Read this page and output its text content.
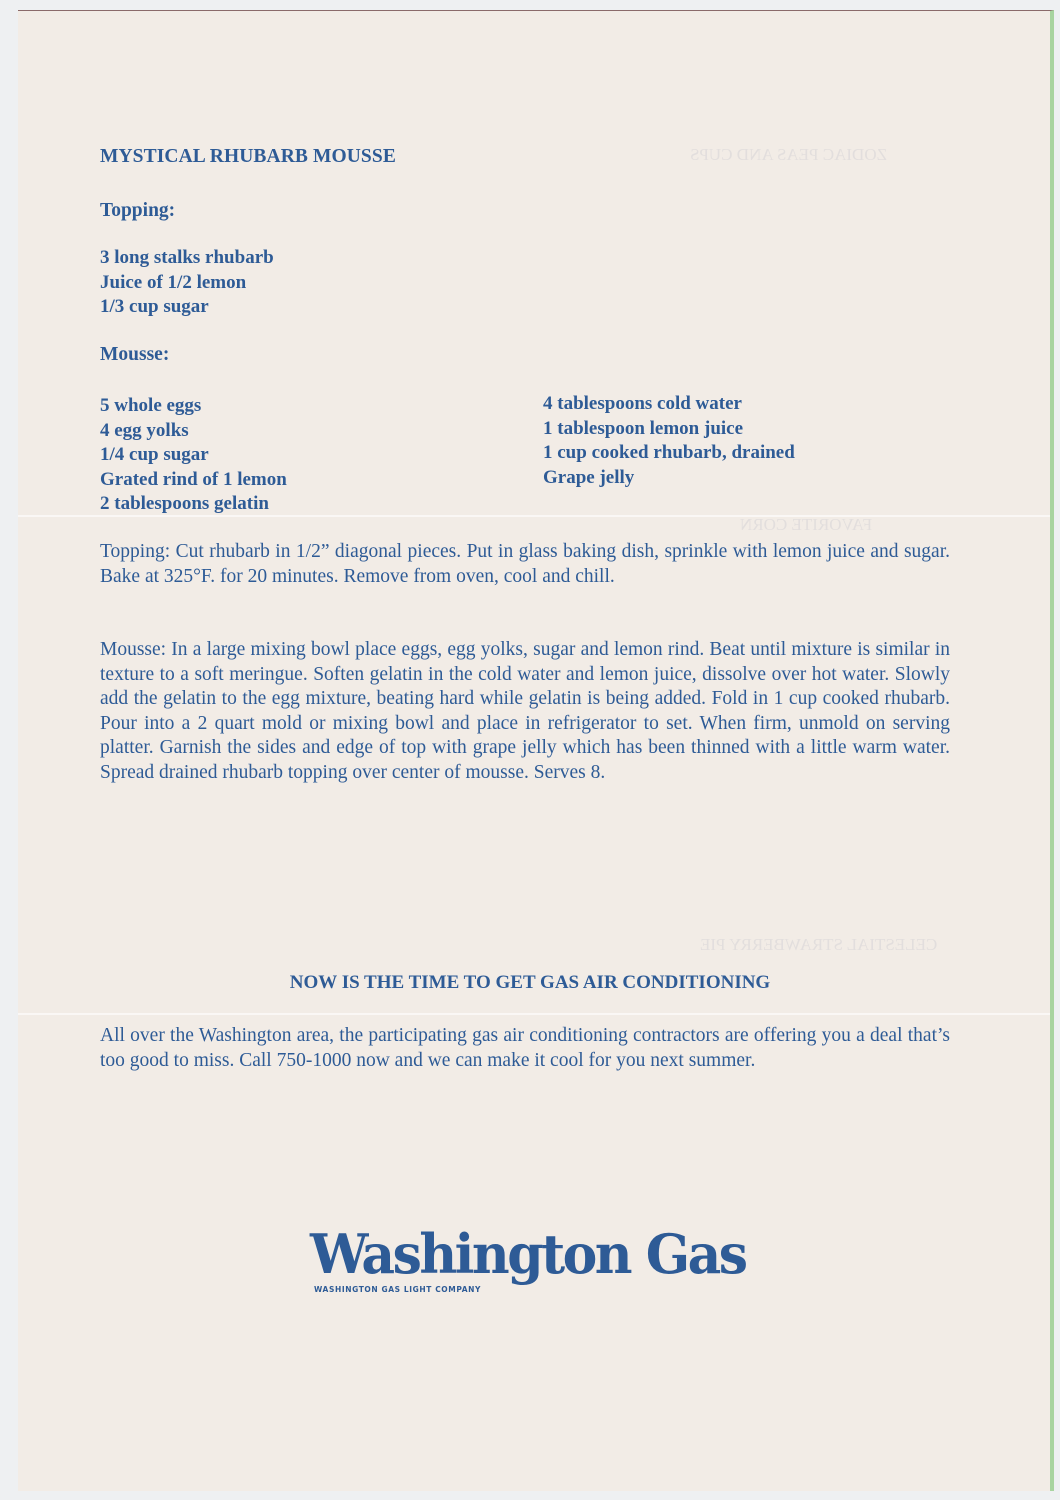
ZODIAC PEAS AND CUPS
FAVORITE CORN
CELESTIAL STRAWBERRY PIE
MYSTICAL RHUBARB MOUSSE
Topping:
3 long stalks rhubarb
Juice of 1/2 lemon
1/3 cup sugar
Mousse:
5 whole eggs
4 egg yolks
1/4 cup sugar
Grated rind of 1 lemon
2 tablespoons gelatin
4 tablespoons cold water
1 tablespoon lemon juice
1 cup cooked rhubarb, drained
Grape jelly
Topping: Cut rhubarb in 1/2” diagonal pieces. Put in glass baking dish, sprinkle with lemon juice and sugar. Bake at 325°F. for 20 minutes. Remove from oven, cool and chill.
Mousse: In a large mixing bowl place eggs, egg yolks, sugar and lemon rind. Beat until mixture is similar in texture to a soft meringue. Soften gelatin in the cold water and lemon juice, dissolve over hot water. Slowly add the gelatin to the egg mixture, beating hard while gelatin is being added. Fold in 1 cup cooked rhubarb. Pour into a 2 quart mold or mixing bowl and place in refrigerator to set. When firm, unmold on serving platter. Garnish the sides and edge of top with grape jelly which has been thinned with a little warm water. Spread drained rhubarb topping over center of mousse. Serves 8.
NOW IS THE TIME TO GET GAS AIR CONDITIONING
All over the Washington area, the participating gas air conditioning contractors are offering you a deal that’s too good to miss. Call 750-1000 now and we can make it cool for you next summer.
Washington Gas
WASHINGTON GAS LIGHT COMPANY
